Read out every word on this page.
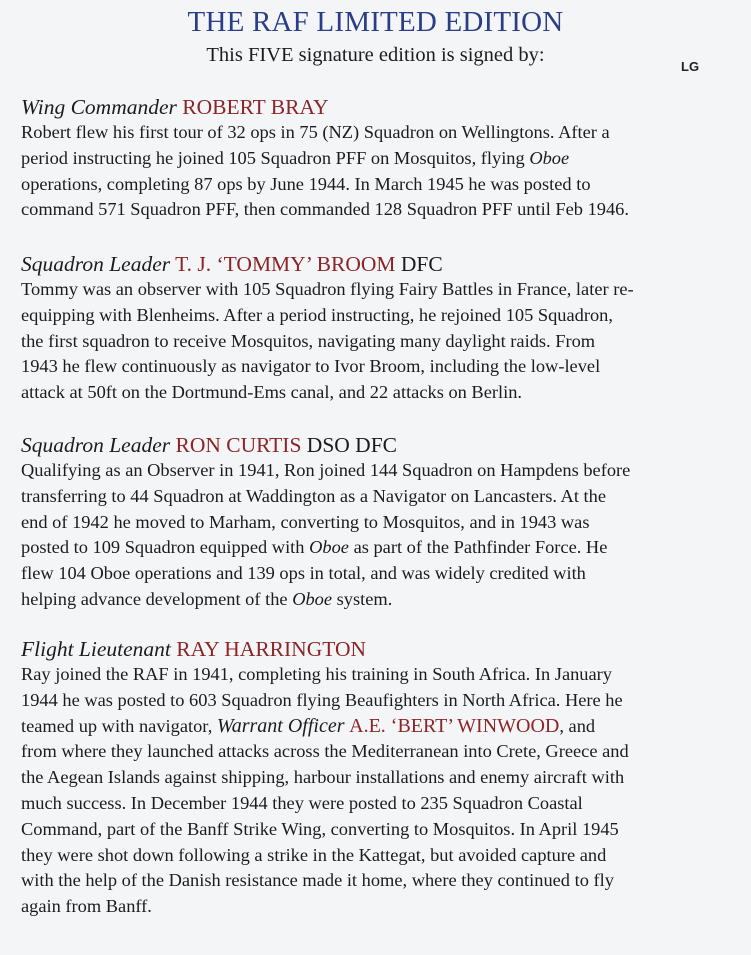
THE RAF LIMITED EDITION
This FIVE signature edition is signed by:
LG
Wing Commander ROBERT BRAY
Robert flew his first tour of 32 ops in 75 (NZ) Squadron on Wellingtons. After a
period instructing he joined 105 Squadron PFF on Mosquitos, flying Oboe
operations, completing 87 ops by June 1944. In March 1945 he was posted to
command 571 Squadron PFF, then commanded 128 Squadron PFF until Feb 1946.
Squadron Leader T. J. ‘TOMMY’ BROOM DFC
Tommy was an observer with 105 Squadron flying Fairy Battles in France, later re-
equipping with Blenheims. After a period instructing, he rejoined 105 Squadron,
the first squadron to receive Mosquitos, navigating many daylight raids. From
1943 he flew continuously as navigator to Ivor Broom, including the low-level
attack at 50ft on the Dortmund-Ems canal, and 22 attacks on Berlin.
Squadron Leader RON CURTIS DSO DFC
Qualifying as an Observer in 1941, Ron joined 144 Squadron on Hampdens before
transferring to 44 Squadron at Waddington as a Navigator on Lancasters. At the
end of 1942 he moved to Marham, converting to Mosquitos, and in 1943 was
posted to 109 Squadron equipped with Oboe as part of the Pathfinder Force. He
flew 104 Oboe operations and 139 ops in total, and was widely credited with
helping advance development of the Oboe system.
Flight Lieutenant RAY HARRINGTON
Ray joined the RAF in 1941, completing his training in South Africa. In January
1944 he was posted to 603 Squadron flying Beaufighters in North Africa. Here he
teamed up with navigator, Warrant Officer A.E. ‘BERT’ WINWOOD, and
from where they launched attacks across the Mediterranean into Crete, Greece and
the Aegean Islands against shipping, harbour installations and enemy aircraft with
much success. In December 1944 they were posted to 235 Squadron Coastal
Command, part of the Banff Strike Wing, converting to Mosquitos. In April 1945
they were shot down following a strike in the Kattegat, but avoided capture and
with the help of the Danish resistance made it home, where they continued to fly
again from Banff.
